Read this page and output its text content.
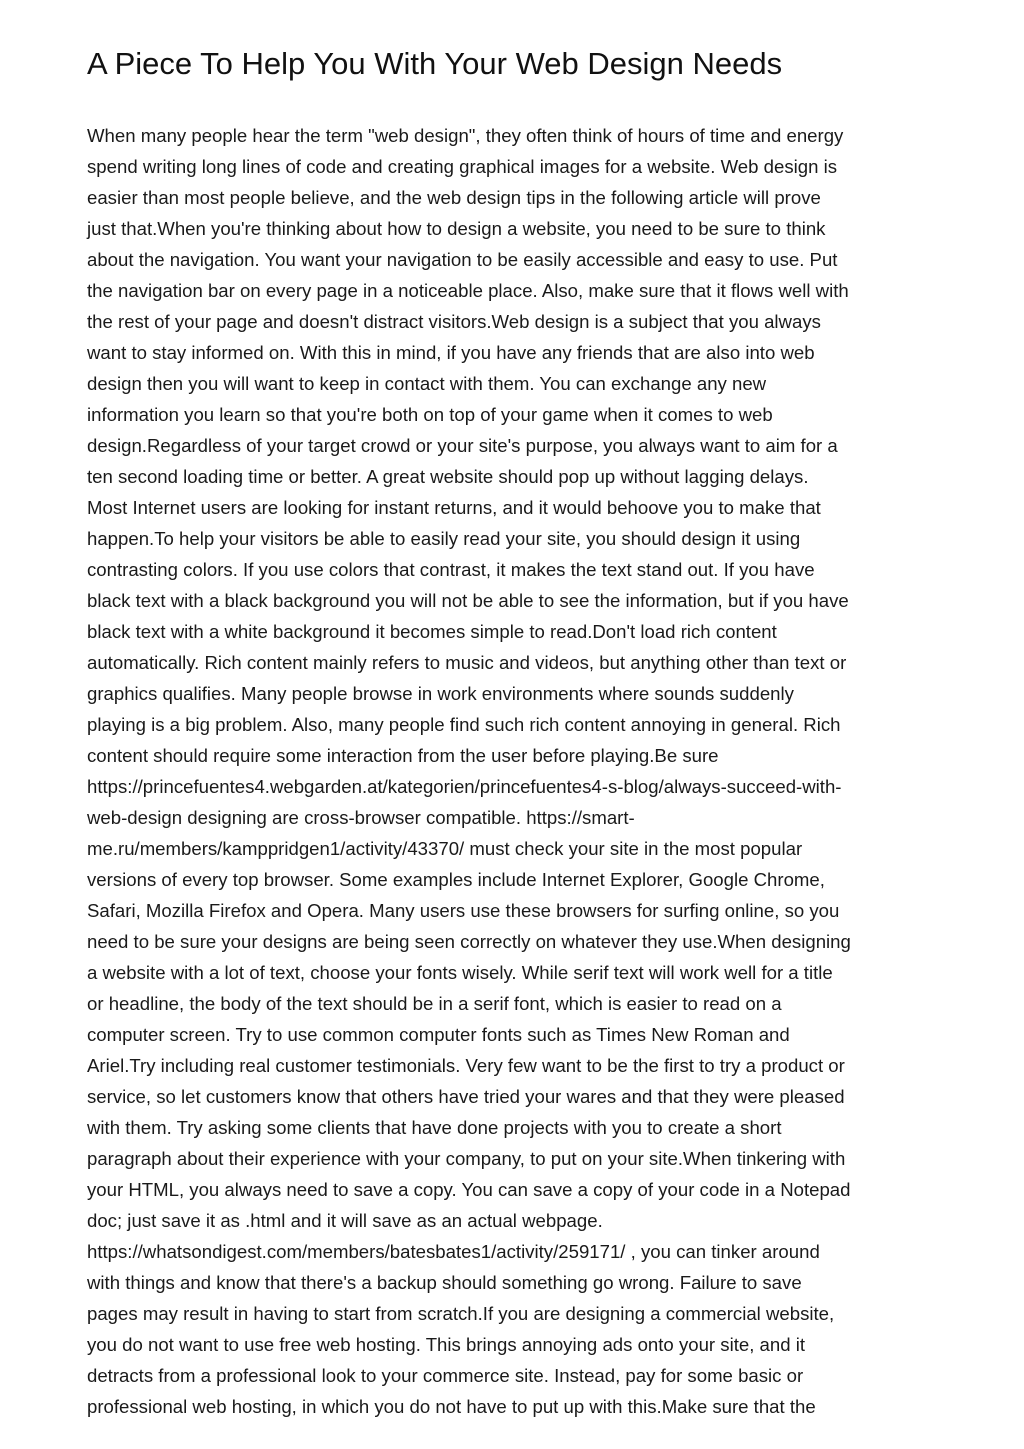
A Piece To Help You With Your Web Design Needs
When many people hear the term "web design", they often think of hours of time and energy
spend writing long lines of code and creating graphical images for a website. Web design is
easier than most people believe, and the web design tips in the following article will prove
just that.When you're thinking about how to design a website, you need to be sure to think
about the navigation. You want your navigation to be easily accessible and easy to use. Put
the navigation bar on every page in a noticeable place. Also, make sure that it flows well with
the rest of your page and doesn't distract visitors.Web design is a subject that you always
want to stay informed on. With this in mind, if you have any friends that are also into web
design then you will want to keep in contact with them. You can exchange any new
information you learn so that you're both on top of your game when it comes to web
design.Regardless of your target crowd or your site's purpose, you always want to aim for a
ten second loading time or better. A great website should pop up without lagging delays.
Most Internet users are looking for instant returns, and it would behoove you to make that
happen.To help your visitors be able to easily read your site, you should design it using
contrasting colors. If you use colors that contrast, it makes the text stand out. If you have
black text with a black background you will not be able to see the information, but if you have
black text with a white background it becomes simple to read.Don't load rich content
automatically. Rich content mainly refers to music and videos, but anything other than text or
graphics qualifies. Many people browse in work environments where sounds suddenly
playing is a big problem. Also, many people find such rich content annoying in general. Rich
content should require some interaction from the user before playing.Be sure
https://princefuentes4.webgarden.at/kategorien/princefuentes4-s-blog/always-succeed-with-
web-design designing are cross-browser compatible. https://smart-
me.ru/members/kamppridgen1/activity/43370/ must check your site in the most popular
versions of every top browser. Some examples include Internet Explorer, Google Chrome,
Safari, Mozilla Firefox and Opera. Many users use these browsers for surfing online, so you
need to be sure your designs are being seen correctly on whatever they use.When designing
a website with a lot of text, choose your fonts wisely. While serif text will work well for a title
or headline, the body of the text should be in a serif font, which is easier to read on a
computer screen. Try to use common computer fonts such as Times New Roman and
Ariel.Try including real customer testimonials. Very few want to be the first to try a product or
service, so let customers know that others have tried your wares and that they were pleased
with them. Try asking some clients that have done projects with you to create a short
paragraph about their experience with your company, to put on your site.When tinkering with
your HTML, you always need to save a copy. You can save a copy of your code in a Notepad
doc; just save it as .html and it will save as an actual webpage.
https://whatsondigest.com/members/batesbates1/activity/259171/ , you can tinker around
with things and know that there's a backup should something go wrong. Failure to save
pages may result in having to start from scratch.If you are designing a commercial website,
you do not want to use free web hosting. This brings annoying ads onto your site, and it
detracts from a professional look to your commerce site. Instead, pay for some basic or
professional web hosting, in which you do not have to put up with this.Make sure that the
